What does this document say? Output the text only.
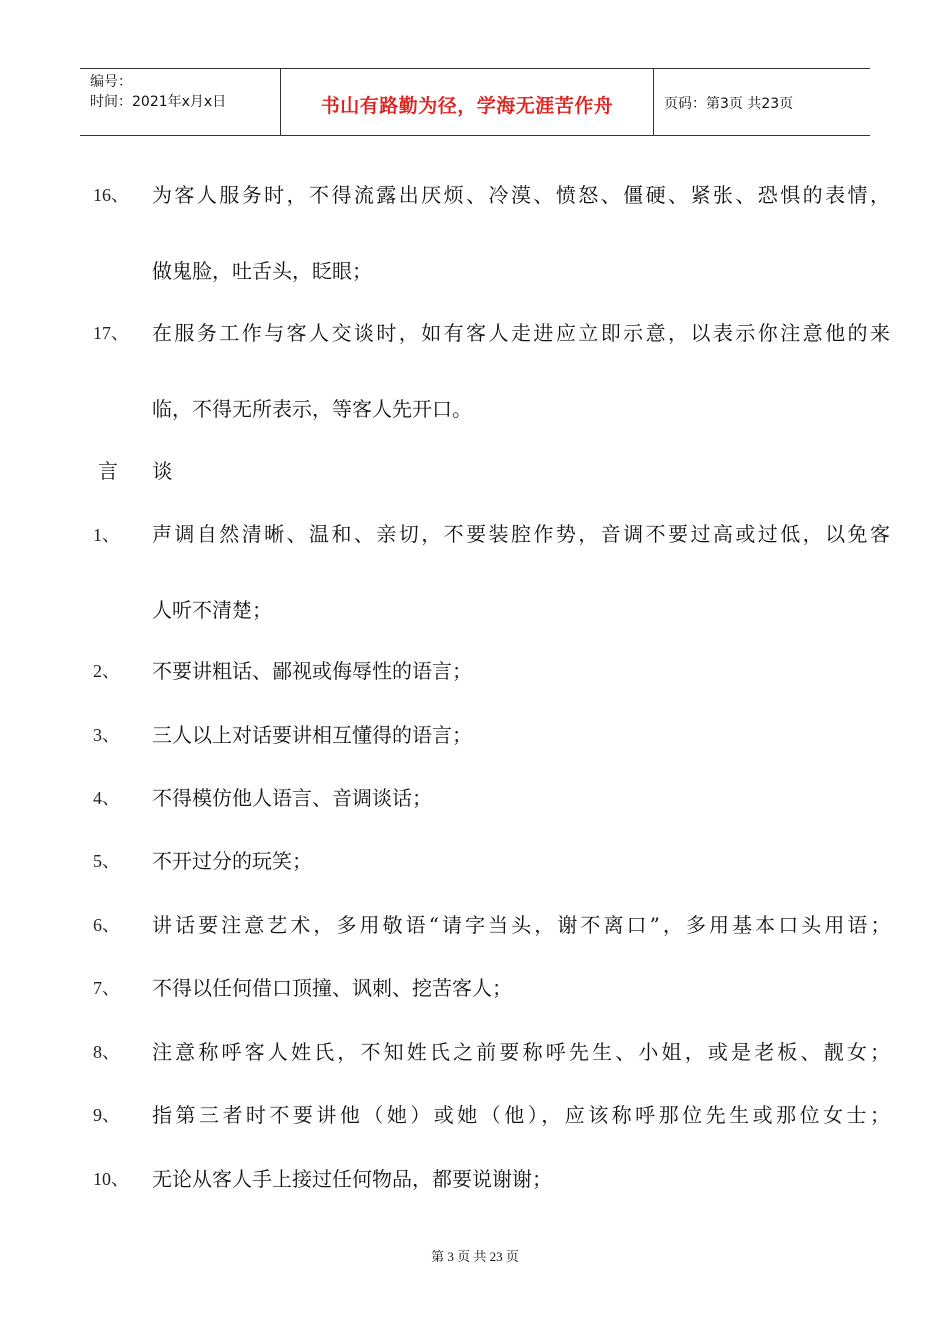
编号：
时间：2021年x月x日	书山有路勤为径，学海无涯苦作舟	页码：第3页 共23页
16、 为客人服务时，不得流露出厌烦、冷漠、愤怒、僵硬、紧张、恐惧的表情，
做鬼脸，吐舌头，眨眼；
17、 在服务工作与客人交谈时，如有客人走进应立即示意，以表示你注意他的来
临，不得无所表示，等客人先开口。
言 谈
1、 声调自然清晰、温和、亲切，不要装腔作势，音调不要过高或过低，以免客
人听不清楚；
2、 不要讲粗话、鄙视或侮辱性的语言；
3、 三人以上对话要讲相互懂得的语言；
4、 不得模仿他人语言、音调谈话；
5、 不开过分的玩笑；
6、 讲话要注意艺术，多用敬语“请字当头，谢不离口”，多用基本口头用语；
7、 不得以任何借口顶撞、讽刺、挖苦客人；
8、 注意称呼客人姓氏，不知姓氏之前要称呼先生、小姐，或是老板、靓女；
9、 指第三者时不要讲他（她）或她（他），应该称呼那位先生或那位女士；
10、 无论从客人手上接过任何物品，都要说谢谢；
第 3 页 共 23 页
